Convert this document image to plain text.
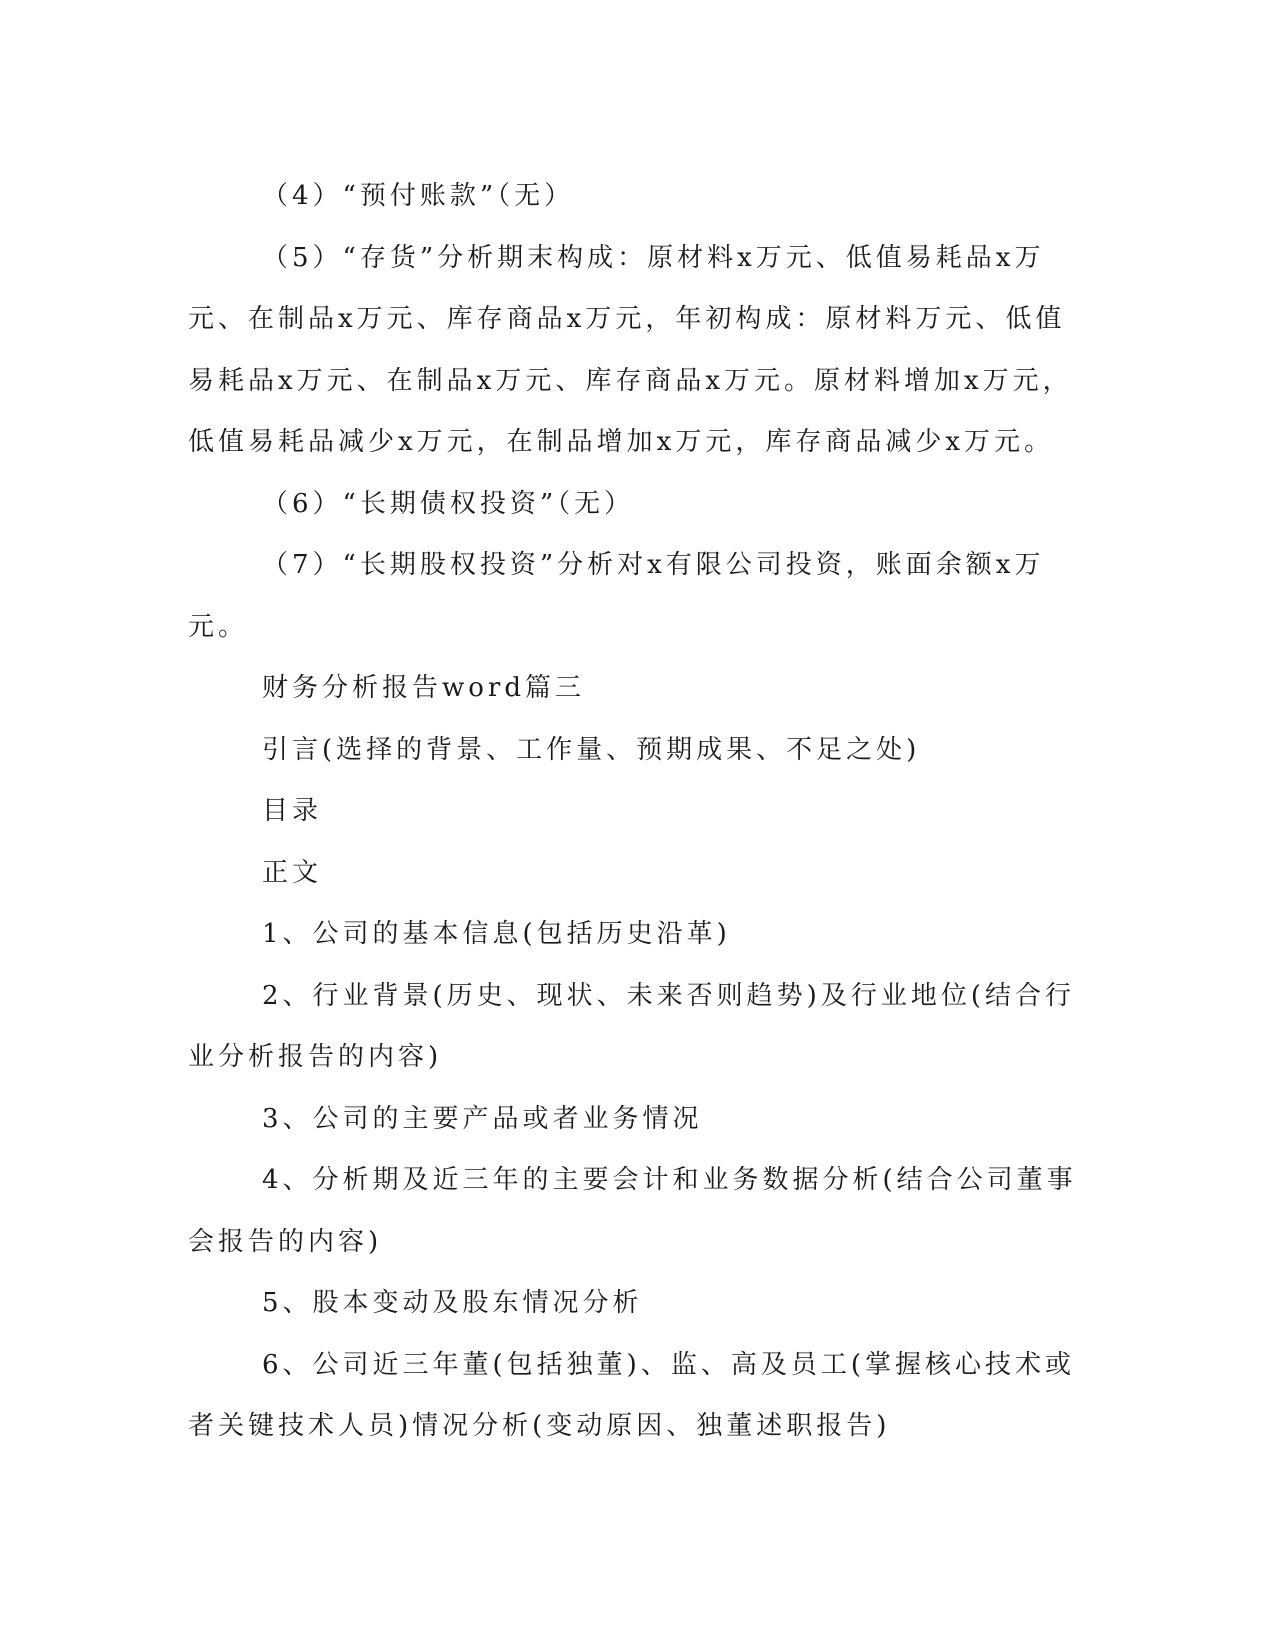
（4）“预付账款”（无）

（5）“存货”分析期末构成：原材料x万元、低值易耗品x万元、在制品x万元、库存商品x万元，年初构成：原材料万元、低值易耗品x万元、在制品x万元、库存商品x万元。原材料增加x万元，低值易耗品减少x万元，在制品增加x万元，库存商品减少x万元。

（6）“长期债权投资”（无）

（7）“长期股权投资”分析对x有限公司投资，账面余额x万元。

财务分析报告word篇三

引言(选择的背景、工作量、预期成果、不足之处)

目录

正文

1、公司的基本信息(包括历史沿革)

2、行业背景(历史、现状、未来否则趋势)及行业地位(结合行业分析报告的内容)

3、公司的主要产品或者业务情况

4、分析期及近三年的主要会计和业务数据分析(结合公司董事会报告的内容)

5、股本变动及股东情况分析

6、公司近三年董(包括独董)、监、高及员工(掌握核心技术或者关键技术人员)情况分析(变动原因、独董述职报告)
